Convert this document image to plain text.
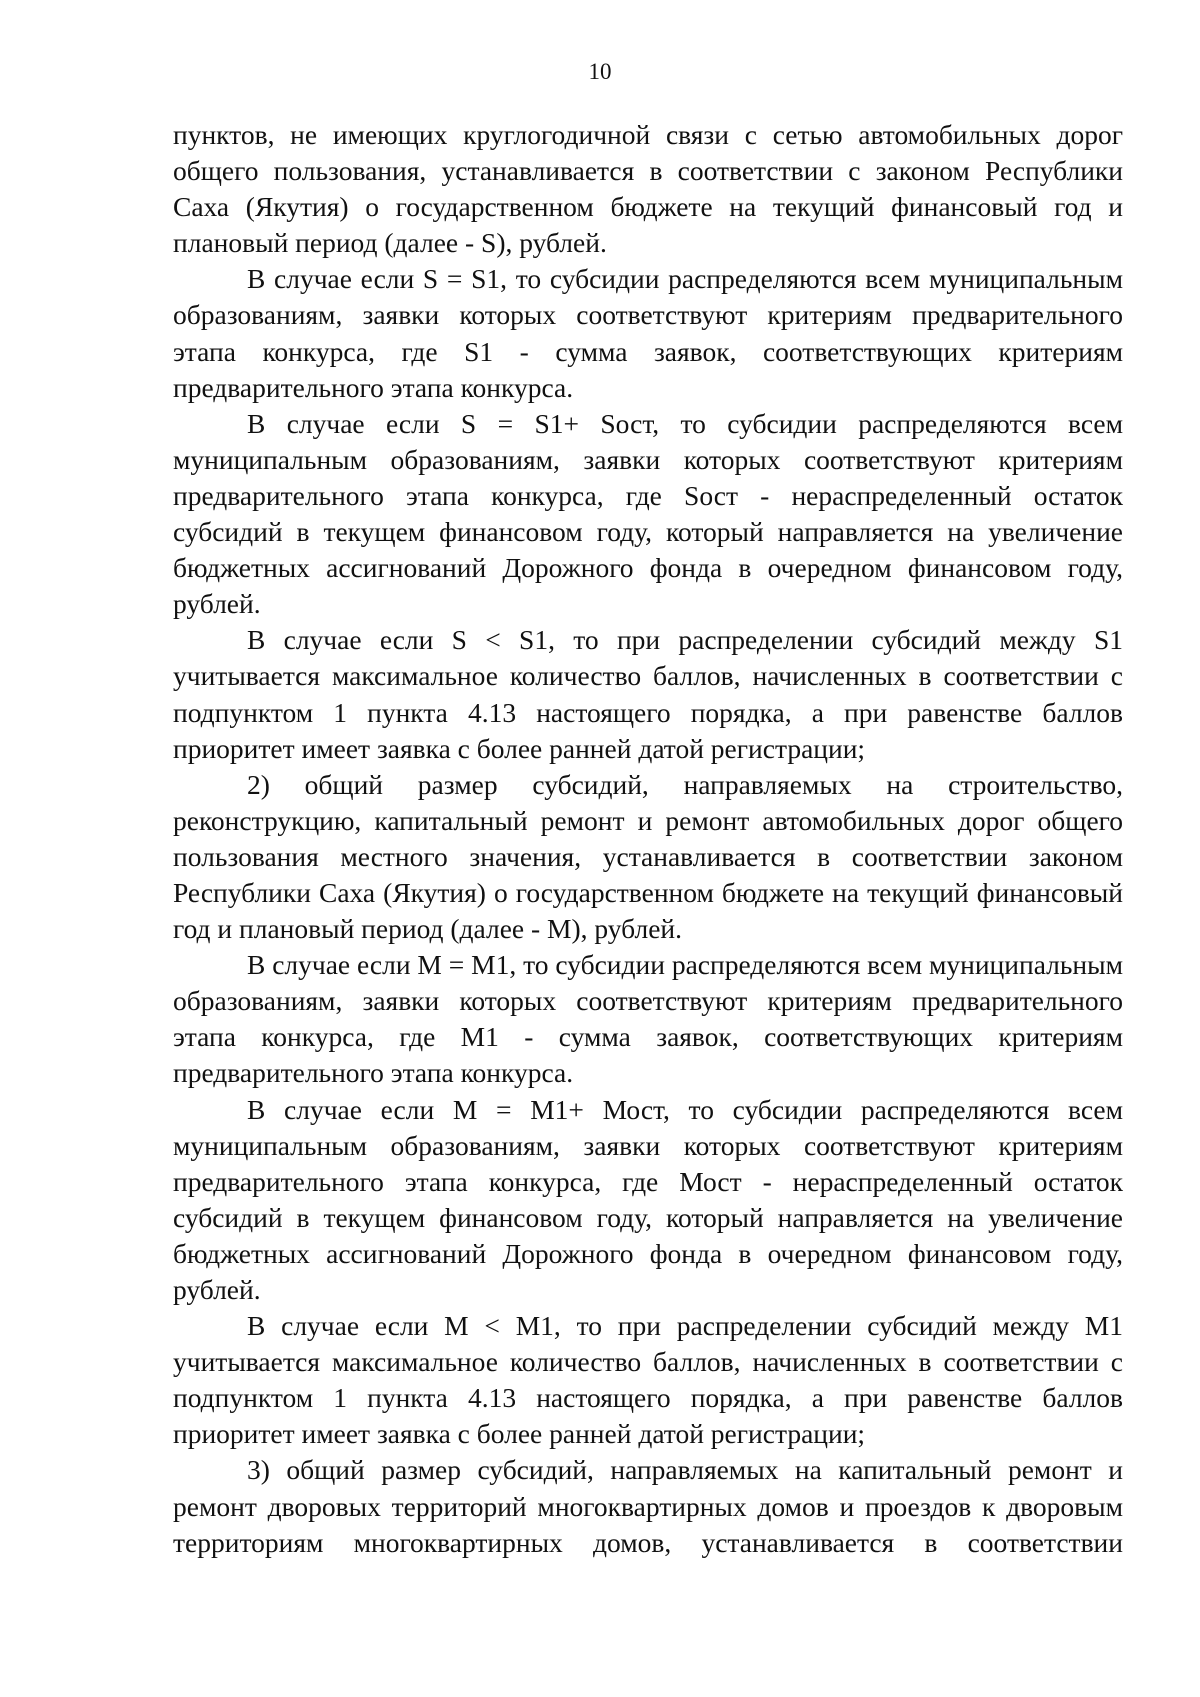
10

пунктов, не имеющих круглогодичной связи с сетью автомобильных дорог общего пользования, устанавливается в соответствии с законом Республики Саха (Якутия) о государственном бюджете на текущий финансовый год и плановый период (далее - S), рублей.

В случае если S = S1, то субсидии распределяются всем муниципальным образованиям, заявки которых соответствуют критериям предварительного этапа конкурса, где S1 - сумма заявок, соответствующих критериям предварительного этапа конкурса.

В случае если S = S1+ Sост, то субсидии распределяются всем муниципальным образованиям, заявки которых соответствуют критериям предварительного этапа конкурса, где Sост - нераспределенный остаток субсидий в текущем финансовом году, который направляется на увеличение бюджетных ассигнований Дорожного фонда в очередном финансовом году, рублей.

В случае если S < S1, то при распределении субсидий между S1 учитывается максимальное количество баллов, начисленных в соответствии с подпунктом 1 пункта 4.13 настоящего порядка, а при равенстве баллов приоритет имеет заявка с более ранней датой регистрации;

2) общий размер субсидий, направляемых на строительство, реконструкцию, капитальный ремонт и ремонт автомобильных дорог общего пользования местного значения, устанавливается в соответствии законом Республики Саха (Якутия) о государственном бюджете на текущий финансовый год и плановый период (далее - М), рублей.

В случае если М = М1, то субсидии распределяются всем муниципальным образованиям, заявки которых соответствуют критериям предварительного этапа конкурса, где М1 - сумма заявок, соответствующих критериям предварительного этапа конкурса.

В случае если М = М1+ Мост, то субсидии распределяются всем муниципальным образованиям, заявки которых соответствуют критериям предварительного этапа конкурса, где Мост - нераспределенный остаток субсидий в текущем финансовом году, который направляется на увеличение бюджетных ассигнований Дорожного фонда в очередном финансовом году, рублей.

В случае если М < М1, то при распределении субсидий между М1 учитывается максимальное количество баллов, начисленных в соответствии с подпунктом 1 пункта 4.13 настоящего порядка, а при равенстве баллов приоритет имеет заявка с более ранней датой регистрации;

3) общий размер субсидий, направляемых на капитальный ремонт и ремонт дворовых территорий многоквартирных домов и проездов к дворовым территориям многоквартирных домов, устанавливается в соответствии
